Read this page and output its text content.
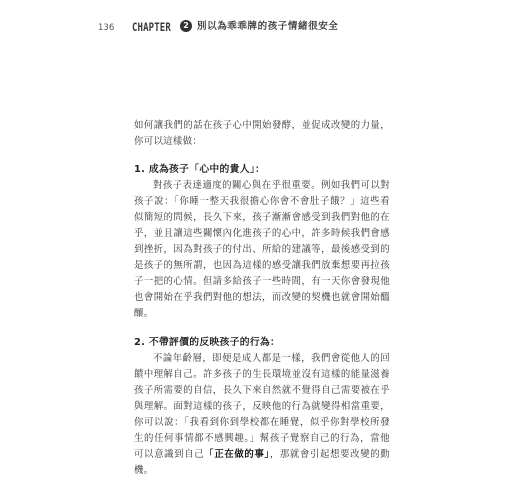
136 CHAPTER	2 別以為乖乖牌的孩子情緒很安全

如何讓我們的話在孩子心中開始發酵，並促成改變的力量，你可以這樣做：

1. 成為孩子「心中的貴人」：

對孩子表達適度的關心與在乎很重要。例如我們可以對孩子說：「你睡一整天我很擔心你會不會肚子餓？」這些看似簡短的問候，長久下來，孩子漸漸會感受到我們對他的在乎，並且讓這些關懷內化進孩子的心中，許多時候我們會感到挫折，因為對孩子的付出、所給的建議等，最後感受到的是孩子的無所謂，也因為這樣的感受讓我們放棄想要再拉孩子一把的心情。但請多給孩子一些時間，有一天你會發現他也會開始在乎我們對他的想法，而改變的契機也就會開始醞釀。

2. 不帶評價的反映孩子的行為：

不論年齡層，即便是成人都是一樣，我們會從他人的回饋中理解自己。許多孩子的生長環境並沒有這樣的能量滋養孩子所需要的自信，長久下來自然就不覺得自己需要被在乎與理解。面對這樣的孩子，反映他的行為就變得相當重要，你可以說：「我看到你到學校都在睡覺，似乎你對學校所發生的任何事情都不感興趣。」幫孩子覺察自己的行為，當他可以意識到自己「正在做的事」，那就會引起想要改變的動機。
